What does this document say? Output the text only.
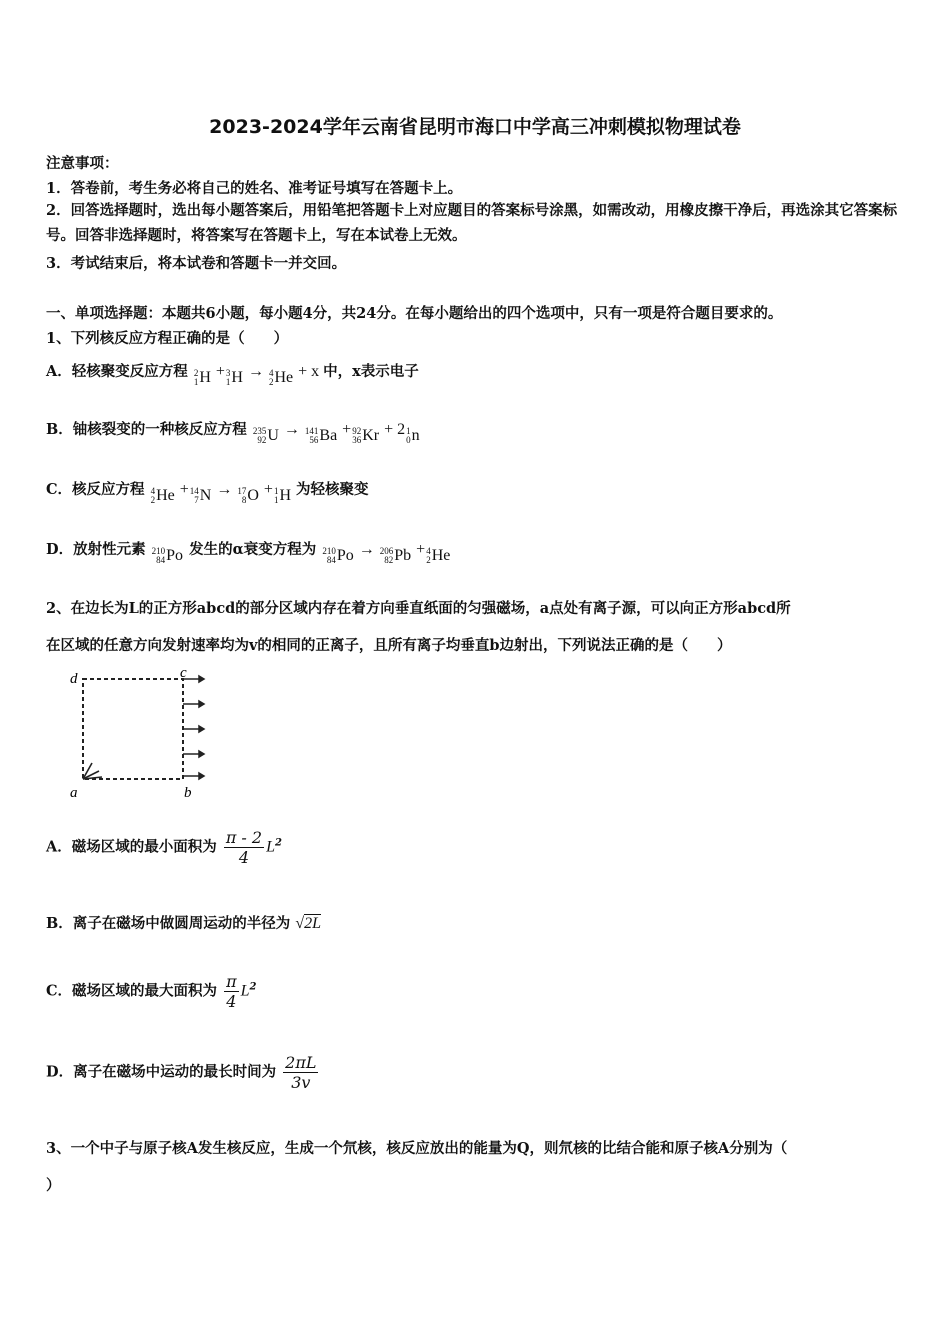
2023-2024学年云南省昆明市海口中学高三冲刺模拟物理试卷
注意事项：
1．答卷前，考生务必将自己的姓名、准考证号填写在答题卡上。
2．回答选择题时，选出每小题答案后，用铅笔把答题卡上对应题目的答案标号涂黑，如需改动，用橡皮擦干净后，再选涂其它答案标号。回答非选择题时，将答案写在答题卡上，写在本试卷上无效。
3．考试结束后，将本试卷和答题卡一并交回。
一、单项选择题：本题共6小题，每小题4分，共24分。在每小题给出的四个选项中，只有一项是符合题目要求的。
1、下列核反应方程正确的是（　　）
A．轻核聚变反应方程 2
1 H + 3
1 H → 4
2 He + x 中，x表示电子
B．铀核裂变的一种核反应方程 235
92 U → 141
56 Ba + 92
36 Kr + 2 1
0 n
C．核反应方程 4
2 He + 14
7 N → 17
8 O + 1
1 H 为轻核聚变
D．放射性元素 210
84 Po 发生的α衰变方程为 210
84 Po → 206
82 Pb + 4
2 He
2、在边长为L的正方形abcd的部分区域内存在着方向垂直纸面的匀强磁场，a点处有离子源，可以向正方形abcd所
在区域的任意方向发射速率均为v的相同的正离子，且所有离子均垂直b边射出，下列说法正确的是（　　）
d	c
a	b
A．磁场区域的最小面积为 $\frac{\pi - 2}{4} L^2$
B．离子在磁场中做圆周运动的半径为 √2L
C．磁场区域的最大面积为 $\frac{\pi}{4} L^2$
D．离子在磁场中运动的最长时间为 $\frac{2\pi L}{3v}$
3、一个中子与原子核A发生核反应，生成一个氘核，核反应放出的能量为Q，则氘核的比结合能和原子核A分别为（
）
